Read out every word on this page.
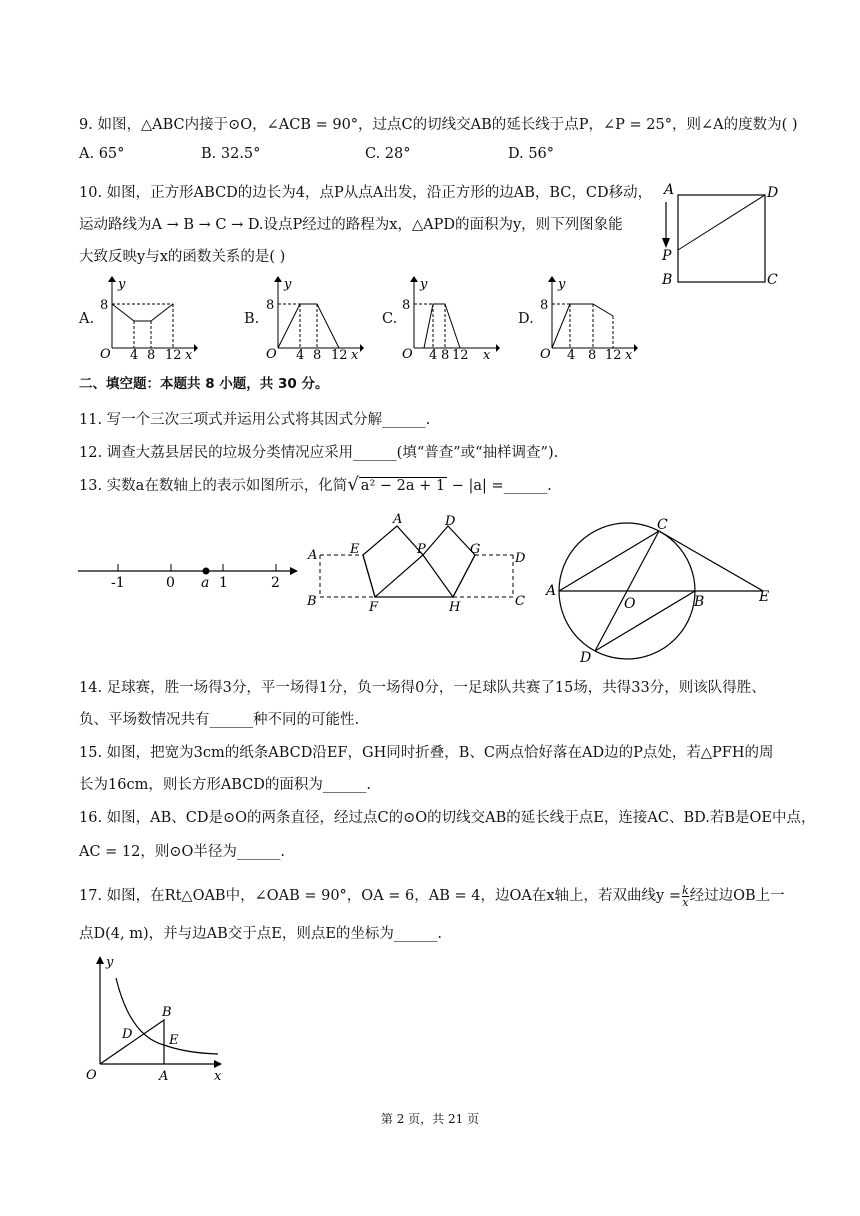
9. 如图，△ABC内接于⊙O，∠ACB = 90°，过点C的切线交AB的延长线于点P，∠P = 25°，则∠A的度数为( )
A. 65°	B. 32.5°	C. 28°	D. 56°
10. 如图，正方形ABCD的边长为4，点P从点A出发，沿正方形的边AB，BC，CD移动，
运动路线为A → B → C → D.设点P经过的路程为x，△APD的面积为y，则下列图象能
大致反映y与x的函数关系的是( )
A	D
P
B	C
A.	B.	C.	D.
y
8
O 4 8 12 x
y
8
O 4 8 12 x
y
8
O 4 8 12 x
y
8
O 4 8 12 x
二、填空题：本题共 8 小题，共 30 分。
11. 写一个三次三项式并运用公式将其因式分解______.
12. 调查大荔县居民的垃圾分类情况应采用______(填“普查”或“抽样调查”).
13. 实数a在数轴上的表示如图所示，化简√ a² − 2a + 1 − |a| =______.
-1	0 a 1	2
A	D
E	P	G
A	D
B	F	H	C
C
A
O	B	E
D
14. 足球赛，胜一场得3分，平一场得1分，负一场得0分，一足球队共赛了15场，共得33分，则该队得胜、
负、平场数情况共有______种不同的可能性.
15. 如图，把宽为3cm的纸条ABCD沿EF，GH同时折叠，B、C两点恰好落在AD边的P点处，若△PFH的周
长为16cm，则长方形ABCD的面积为______.
16. 如图，AB、CD是⊙O的两条直径，经过点C的⊙O的切线交AB的延长线于点E，连接AC、BD.若B是OE中点，
AC = 12，则⊙O半径为______.
17. 如图，在Rt△OAB中，∠OAB = 90°，OA = 6，AB = 4，边OA在x轴上，若双曲线$y = \frac{k}{x}$ 经过边OB上一
点D(4, m)，并与边AB交于点E，则点E的坐标为______.
y
B
D	E
O	A	x
第 2 页，共 21 页
